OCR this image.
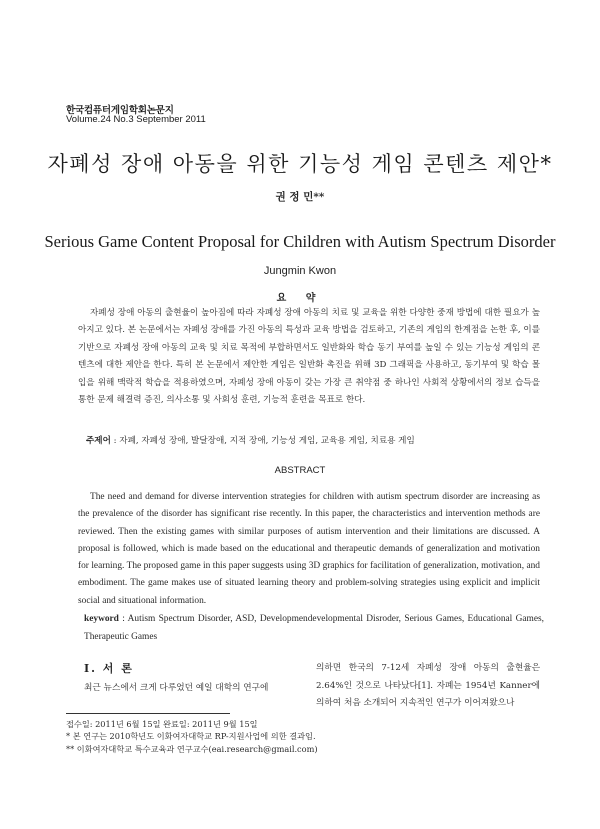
한국컴퓨터게임학회논문지
Volume.24 No.3 September 2011
자폐성 장애 아동을 위한 기능성 게임 콘텐츠 제안*
권 정 민**
Serious Game Content Proposal for Children with Autism Spectrum Disorder
Jungmin Kwon
요 약
자폐성 장애 아동의 출현율이 높아짐에 따라 자폐성 장애 아동의 치료 및 교육을 위한 다양한 중재 방법에 대한 필요가 높아지고 있다. 본 논문에서는 자폐성 장애를 가진 아동의 특성과 교육 방법을 검토하고, 기존의 게임의 한계점을 논한 후, 이를 기반으로 자폐성 장애 아동의 교육 및 치료 목적에 부합하면서도 일반화와 학습 동기 부여를 높일 수 있는 기능성 게임의 콘텐츠에 대한 제안을 한다. 특히 본 논문에서 제안한 게임은 일반화 촉진을 위해 3D 그래픽을 사용하고, 동기부여 및 학습 몰입을 위해 맥락적 학습을 적용하였으며, 자폐성 장애 아동이 갖는 가장 큰 취약점 중 하나인 사회적 상황에서의 정보 습득을 통한 문제 해결력 증진, 의사소통 및 사회성 훈련, 기능적 훈련을 목표로 한다.
주제어 : 자폐, 자폐성 장애, 발달장애, 지적 장애, 기능성 게임, 교육용 게임, 치료용 게임
ABSTRACT
The need and demand for diverse intervention strategies for children with autism spectrum disorder are increasing as the prevalence of the disorder has significant rise recently. In this paper, the characteristics and intervention methods are reviewed. Then the existing games with similar purposes of autism intervention and their limitations are discussed. A proposal is followed, which is made based on the educational and therapeutic demands of generalization and motivation for learning. The proposed game in this paper suggests using 3D graphics for facilitation of generalization, motivation, and embodiment. The game makes use of situated learning theory and problem-solving strategies using explicit and implicit social and situational information.
keyword : Autism Spectrum Disorder, ASD, Developmendevelopmental Disroder, Serious Games, Educational Games, Therapeutic Games
Ⅰ. 서 론
최근 뉴스에서 크게 다루었던 예일 대학의 연구에
의하면 한국의 7-12세 자폐성 장애 아동의 출현율은 2.64%인 것으로 나타났다[1]. 자폐는 1954년 Kanner에 의하여 처음 소개되어 지속적인 연구가 이어져왔으나
접수일: 2011년 6월 15일 완료일: 2011년 9월 15일
* 본 연구는 2010학년도 이화여자대학교 RP-지원사업에 의한 결과임.
** 이화여자대학교 특수교육과 연구교수(eai.research@gmail.com)
